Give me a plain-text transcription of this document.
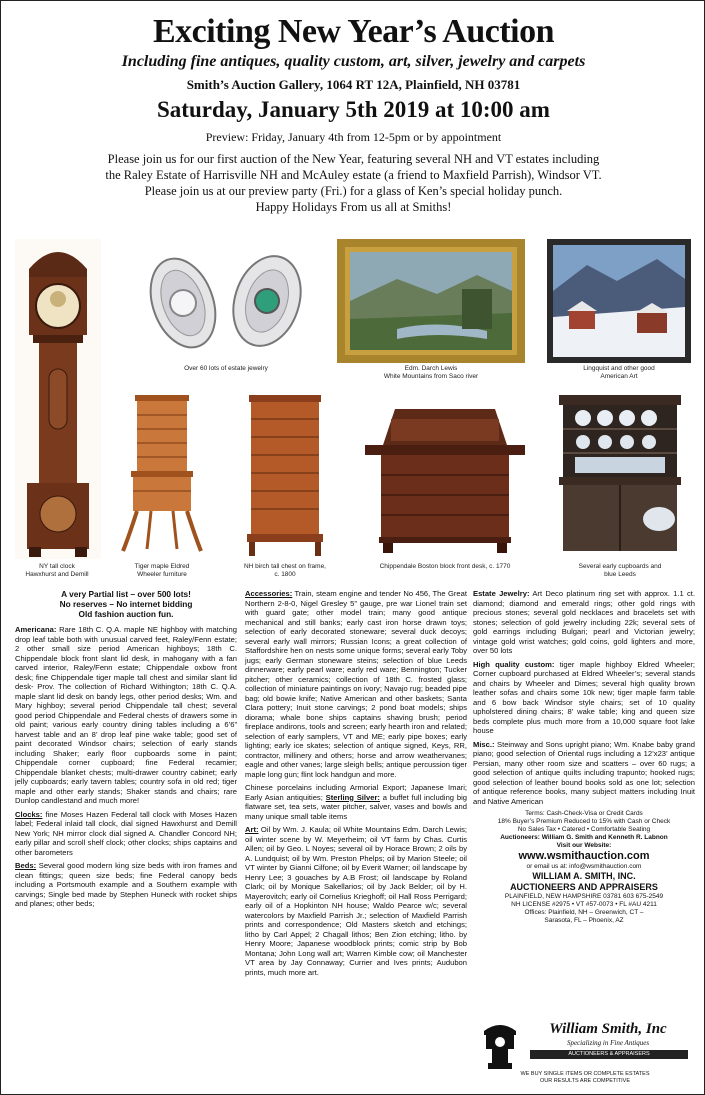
Exciting New Year’s Auction
Including fine antiques, quality custom, art, silver, jewelry and carpets
Smith’s Auction Gallery, 1064 RT 12A, Plainfield, NH 03781
Saturday, January 5th 2019 at 10:00 am
Preview: Friday, January 4th from 12-5pm or by appointment
Please join us for our first auction of the New Year, featuring several NH and VT estates including
the Raley Estate of Harrisville NH and McAuley estate (a friend to Maxfield Parrish), Windsor VT.
Please join us at our preview party (Fri.) for a glass of Ken’s special holiday punch.
Happy Holidays From us all at Smiths!
NY tall clock
Hawxhurst and Demill
Over 60 lots of estate jewelry	Edm. Darch Lewis
White Mountains from Saco river
Lingquist and other good
American Art
Tiger maple Eldred
Wheeler furniture
NH birch tall chest on frame,
c. 1800
Chippendale Boston block front desk, c. 1770	Several early cupboards and
blue Leeds
A very Partial list – over 500 lots!
No reserves – No internet bidding
Old fashion auction fun.

Americana: Rare 18th C. Q.A. maple NE highboy with matching drop leaf table both with unusual carved feet, Raley/Fenn estate; 2 other small size period American highboys; 18th C. Chippendale block front slant lid desk, in mahogany with a fan carved interior, Raley/Fenn estate; Chippendale oxbow front desk; fine Chippendale tiger maple tall chest and similar slant lid desk- Prov. The collection of Richard Withington; 18th C. Q.A. maple slant lid desk on bandy legs, other period desks; Wm. and Mary highboy; several period Chippendale tall chest; several good period Chippendale and Federal chests of drawers some in old paint; various early country dining tables including a 6’6” harvest table and an 8’ drop leaf pine wake table; good set of paint decorated Windsor chairs; selection of early stands including Shaker; early floor cupboards some in paint; Chippendale corner cupboard; fine Federal recamier; Chippendale blanket chests; multi-drawer country cabinet; early jelly cupboards; early tavern tables; country sofa in old red; tiger maple and other early stands; Shaker stands and chairs; rare Dunlop candlestand and much more!

Clocks: fine Moses Hazen Federal tall clock with Moses Hazen label; Federal inlaid tall clock, dial signed Hawxhurst and Demill New York; NH mirror clock dial signed A. Chandler Concord NH; early pillar and scroll shelf clock; other clocks; ships captains and other barometers

Beds: Several good modern king size beds with iron frames and clean fittings; queen size beds; fine Federal canopy beds including a Portsmouth example and a Southern example with carvings; Single bed made by Stephen Huneck with rocket ships and planes; other beds;

Accessories: Train, steam engine and tender No 456, The Great Northern 2-8-0, Nigel Gresley 5” gauge, pre war Lionel train set with guard gate; other model train; many good antique mechanical and still banks; early cast iron horse drawn toys; selection of early decorated stoneware; several duck decoys; several early wall mirrors; Russian Icons; a great collection of Staffordshire hen on nests some unique forms; several early Toby jugs; early German stoneware steins; selection of blue Leeds dinnerware; early pearl ware; early red ware; Bennington; Tucker pitcher; other ceramics; collection of 18th C. frosted glass; collection of miniature paintings on ivory; Navajo rug; beaded pipe bag; old bowie knife; Native American and other baskets; Santa Clara pottery; Inuit stone carvings; 2 pond boat models; ships diorama; whale bone ships captains shaving brush; period fireplace andirons, tools and screen; early hearth iron and related; selection of early samplers, VT and ME; early pipe boxes; early lighting; early ice skates; selection of antique signed, Keys, RR, contractor, millinery and others; horse and arrow weathervanes; eagle and other vanes; large sleigh bells; antique percussion tiger maple long gun; flint lock handgun and more.

Chinese porcelains including Armorial Export; Japanese Imari; Early Asian antiquities; Sterling Silver: a buffet full including big flatware set, tea sets, water pitcher, salver, vases and bowls and many unique small table items

Art: Oil by Wm. J. Kaula; oil White Mountains Edm. Darch Lewis; oil winter scene by W. Meyerheim; oil VT farm by Chas. Curtis Allen; oil by Geo. L Noyes; several oil by Horace Brown; 2 oils by A. Lundquist; oil by Wm. Preston Phelps; oil by Marion Steele; oil VT winter by Gianni Cilfone; oil by Everit Warner; oil landscape by Henry Lee; 3 gouaches by A.B Frost; oil landscape by Roland Clark; oil by Monique Sakellarios; oil by Jack Belder; oil by H. Mayerovitch; early oil Cornelius Krieghoff; oil Hall Ross Perrigard; early oil of a Hopkinton NH house; Waldo Pearce w/c; several watercolors by Maxfield Parrish Jr.; selection of Maxfield Parrish prints and correspondence; Old Masters sketch and etchings; litho by Carl Appel; 2 Chagall lithos; Ben Zion etching; litho. by Henry Moore; Japanese woodblock prints; comic strip by Bob Montana; John Long wall art; Warren Kimble cow; oil Manchester VT area by Jay Connaway; Currier and Ives prints; Audubon prints, much more art.

Estate Jewelry: Art Deco platinum ring set with approx. 1.1 ct. diamond; diamond and emerald rings; other gold rings with precious stones; several gold necklaces and bracelets set with stones; selection of gold jewelry including 22k; several sets of gold earrings including Bulgari; pearl and Victorian jewelry; vintage gold wrist watches; gold coins, gold lighters and more, over 50 lots

High quality custom: tiger maple highboy Eldred Wheeler; Corner cupboard purchased at Eldred Wheeler’s; several stands and chairs by Wheeler and Dimes; several high quality brown leather sofas and chairs some 10k new; tiger maple farm table and 6 bow back Windsor style chairs; set of 10 quality upholstered dining chairs; 8’ wake table; king and queen size beds complete plus much more from a 10,000 square foot lake house

Misc.: Steinway and Sons upright piano; Wm. Knabe baby grand piano; good selection of Oriental rugs including a 12’x23’ antique Persian, many other room size and scatters – over 60 rugs; a good selection of antique quilts including trapunto; hooked rugs; good selection of leather bound books sold as one lot; selection of antique reference books, many subject matters including Inuit and Native American

Terms: Cash-Check-Visa or Credit Cards
18% Buyer’s Premium Reduced to 15% with Cash or Check
No Sales Tax • Catered • Comfortable Seating
Auctioneers: William G. Smith and Kenneth R. Labnon
Visit our Website:
www.wsmithauction.com
or email us at: info@wsmithauction.com
WILLIAM A. SMITH, INC.
AUCTIONEERS AND APPRAISERS
PLAINFIELD, NEW HAMPSHIRE 03781 603 675-2549
NH LICENSE #2975 • VT #57-0073 • FL #AU 4211
Offices: Plainfield, NH – Greenwich, CT –
Sarasota, FL – Phoenix, AZ
William Smith, Inc
Specializing in Fine Antiques
AUCTIONEERS & APPRAISERS
WE BUY SINGLE ITEMS OR COMPLETE ESTATES
OUR RESULTS ARE COMPETITIVE
